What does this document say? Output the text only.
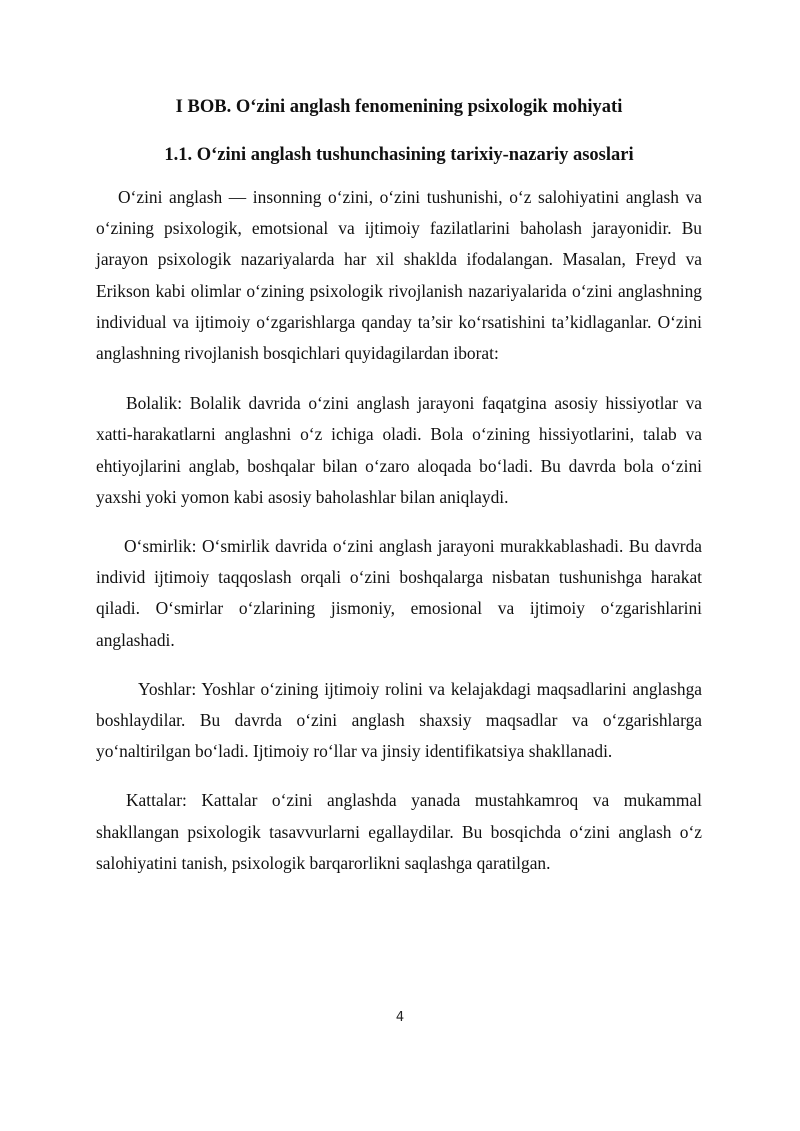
I BOB. O‘zini anglash fenomenining psixologik mohiyati
1.1. O‘zini anglash tushunchasining tarixiy-nazariy asoslari

O‘zini anglash — insonning o‘zini, o‘zini tushunishi, o‘z salohiyatini anglash va o‘zining psixologik, emotsional va ijtimoiy fazilatlarini baholash jarayonidir. Bu jarayon psixologik nazariyalarda har xil shaklda ifodalangan. Masalan, Freyd va Erikson kabi olimlar o‘zining psixologik rivojlanish nazariyalarida o‘zini anglashning individual va ijtimoiy o‘zgarishlarga qanday ta’sir ko‘rsatishini ta’kidlaganlar. O‘zini anglashning rivojlanish bosqichlari quyidagilardan iborat:

Bolalik: Bolalik davrida o‘zini anglash jarayoni faqatgina asosiy hissiyotlar va xatti-harakatlarni anglashni o‘z ichiga oladi. Bola o‘zining hissiyotlarini, talab va ehtiyojlarini anglab, boshqalar bilan o‘zaro aloqada bo‘ladi. Bu davrda bola o‘zini yaxshi yoki yomon kabi asosiy baholashlar bilan aniqlaydi.

O‘smirlik: O‘smirlik davrida o‘zini anglash jarayoni murakkablashadi. Bu davrda individ ijtimoiy taqqoslash orqali o‘zini boshqalarga nisbatan tushunishga harakat qiladi. O‘smirlar o‘zlarining jismoniy, emosional va ijtimoiy o‘zgarishlarini anglashadi.

Yoshlar: Yoshlar o‘zining ijtimoiy rolini va kelajakdagi maqsadlarini anglashga boshlaydilar. Bu davrda o‘zini anglash shaxsiy maqsadlar va o‘zgarishlarga yo‘naltirilgan bo‘ladi. Ijtimoiy ro‘llar va jinsiy identifikatsiya shakllanadi.

Kattalar: Kattalar o‘zini anglashda yanada mustahkamroq va mukammal shakllangan psixologik tasavvurlarni egallaydilar. Bu bosqichda o‘zini anglash o‘z salohiyatini tanish, psixologik barqarorlikni saqlashga qaratilgan.

4
